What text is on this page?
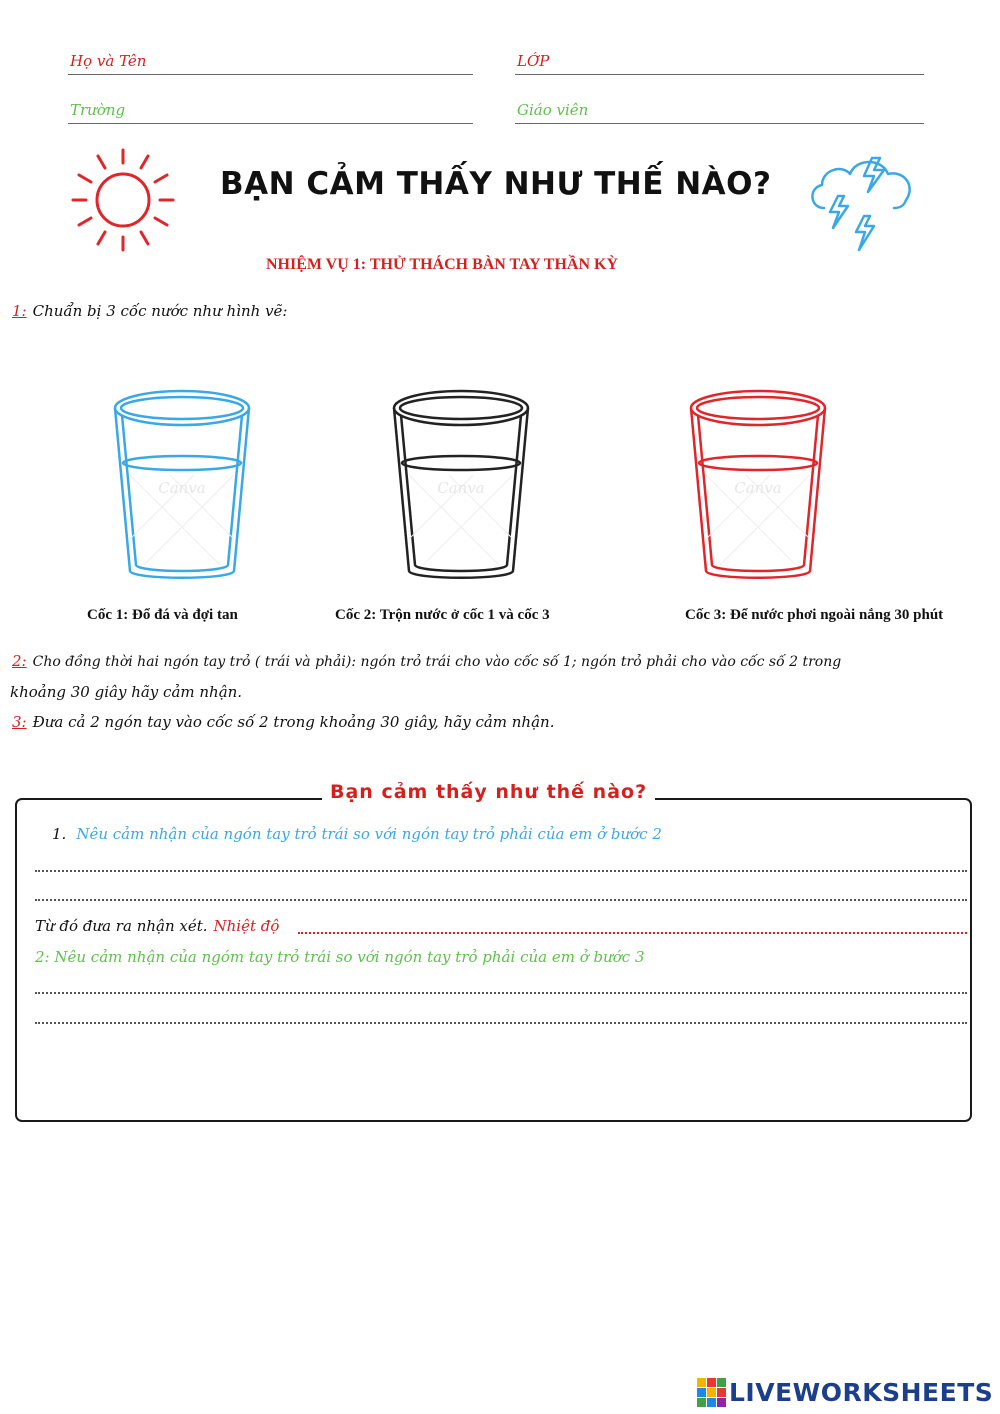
Họ và Tên	LỚP
Trường	Giáo viên
BẠN CẢM THẤY NHƯ THẾ NÀO?
NHIỆM VỤ 1: THỬ THÁCH BÀN TAY THẦN KỲ
1: Chuẩn bị 3 cốc nước như hình vẽ:
Canva	Canva	Canva
Cốc 1: Đổ đá và đợi tan	Cốc 2: Trộn nước ở cốc 1 và cốc 3	Cốc 3: Để nước phơi ngoài nắng 30 phút
2: Cho đồng thời hai ngón tay trỏ ( trái và phải): ngón trỏ trái cho vào cốc số 1; ngón trỏ phải cho vào cốc số 2 trong
khoảng 30 giây hãy cảm nhận.
3: Đưa cả 2 ngón tay vào cốc số 2 trong khoảng 30 giây, hãy cảm nhận.
Bạn cảm thấy như thế nào?
1. Nêu cảm nhận của ngón tay trỏ trái so với ngón tay trỏ phải của em ở bước 2
Từ đó đưa ra nhận xét. Nhiệt độ
2: Nêu cảm nhận của ngóm tay trỏ trái so với ngón tay trỏ phải của em ở bước 3
LIVEWORKSHEETS
